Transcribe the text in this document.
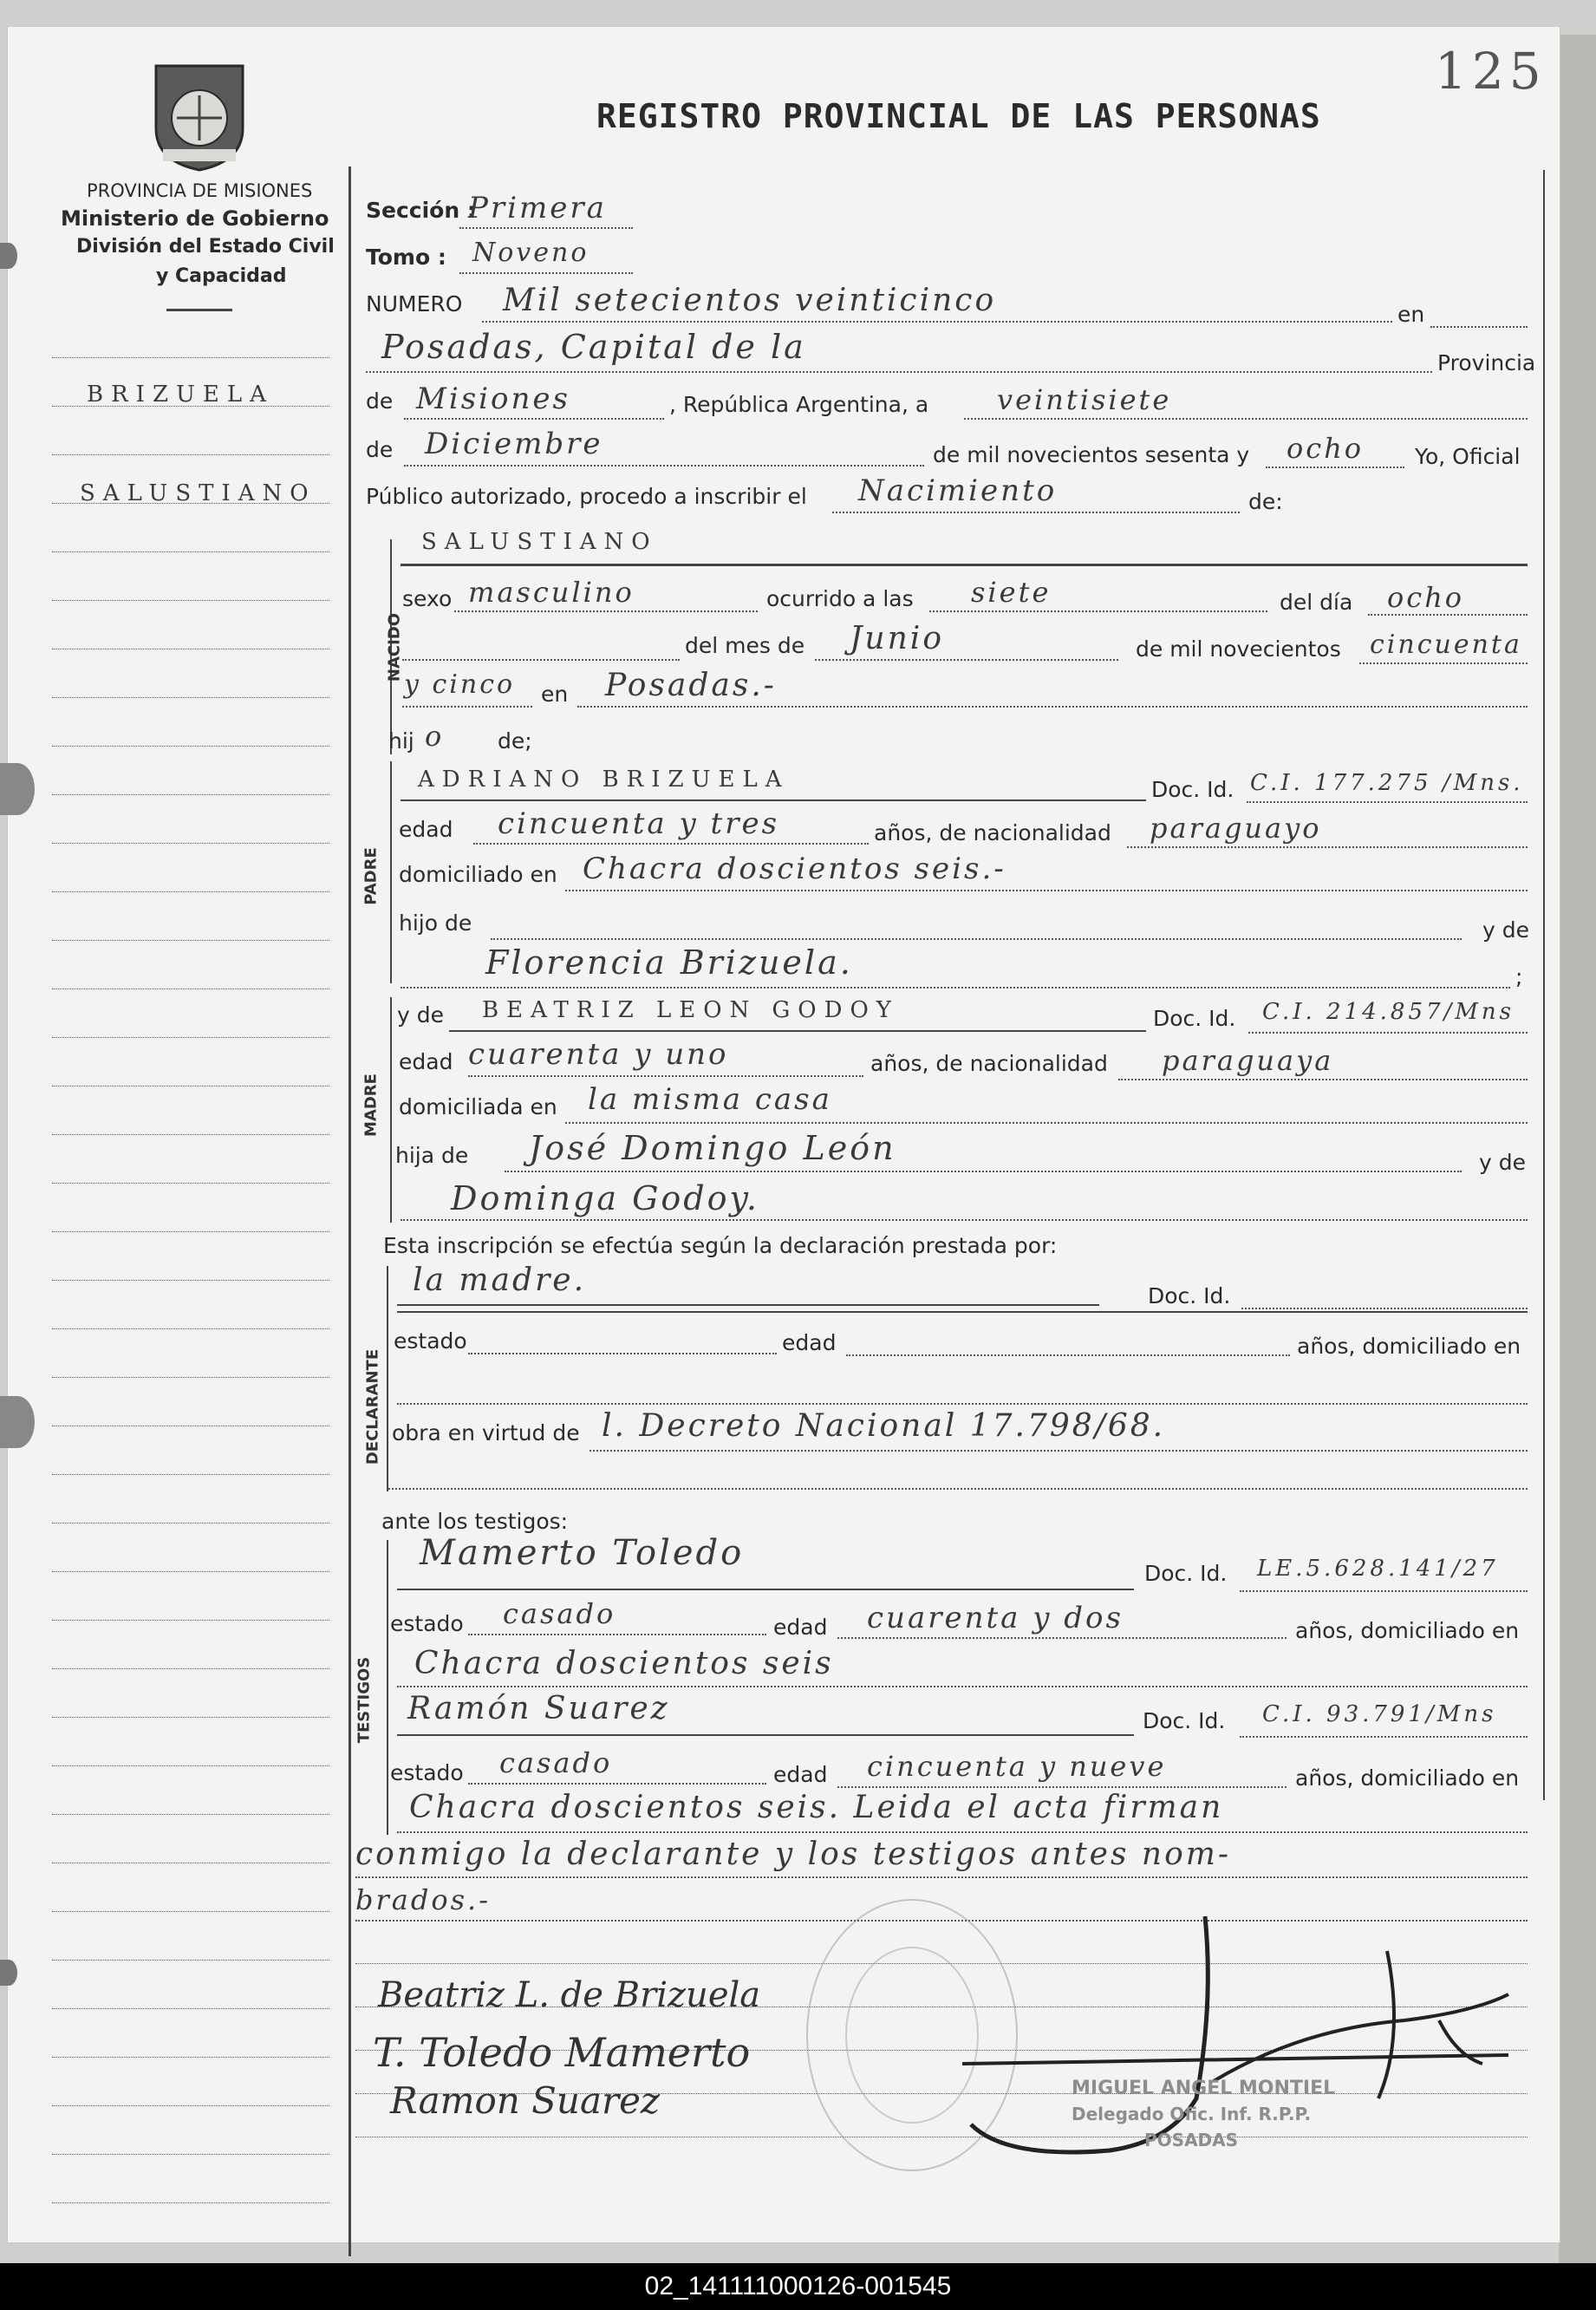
125
PROVINCIA DE MISIONES
Ministerio de Gobierno
División del Estado Civil
y Capacidad
REGISTRO PROVINCIAL DE LAS PERSONAS
BRIZUELA
SALUSTIANO
Sección :
Primera
Tomo : Noveno
NUMERO Mil setecientos veinticinco	en
Posadas, Capital de la	Provincia
de Misiones	, República Argentina, a veintisiete
de Diciembre	de mil novecientos sesenta y ocho Yo, Oficial
Público autorizado, procedo a inscribir el Nacimiento	de:
NACIDO
SALUSTIANO
sexo masculino	ocurrido a las siete	del día ocho
del mes de Junio	de mil novecientos cincuenta
y cinco en Posadas.-
hij o de;
PADRE
ADRIANO BRIZUELA	Doc. Id. C.I. 177.275 /Mns.
edad cincuenta y tres	años, de nacionalidad paraguayo
domiciliado en Chacra doscientos seis.-
hijo de	y de
Florencia Brizuela.	;
MADRE
y de BEATRIZ LEON GODOY	Doc. Id. C.I. 214.857/Mns
edad cuarenta y uno	años, de nacionalidad paraguaya
domiciliada en la misma casa
hija de José Domingo León	y de
Dominga Godoy.
Esta inscripción se efectúa según la declaración prestada por:
DECLARANTE
la madre.	Doc. Id.
estado	edad	años, domiciliado en
obra en virtud de l. Decreto Nacional 17.798/68.
ante los testigos:
TESTIGOS
Mamerto Toledo
Doc. Id. LE.5.628.141/27
estado casado	edad cuarenta y dos	años, domiciliado en
Chacra doscientos seis
Ramón Suarez	Doc. Id. C.I. 93.791/Mns
estado casado	edad cincuenta y nueve	años, domiciliado en
Chacra doscientos seis. Leida el acta firman
conmigo la declarante y los testigos antes nom-
brados.-
Beatriz L. de Brizuela
T. Toledo Mamerto
Ramon Suarez	MIGUEL ANGEL MONTIEL
Delegado Ofic. Inf. R.P.P.
POSADAS
02_141111000126-001545
